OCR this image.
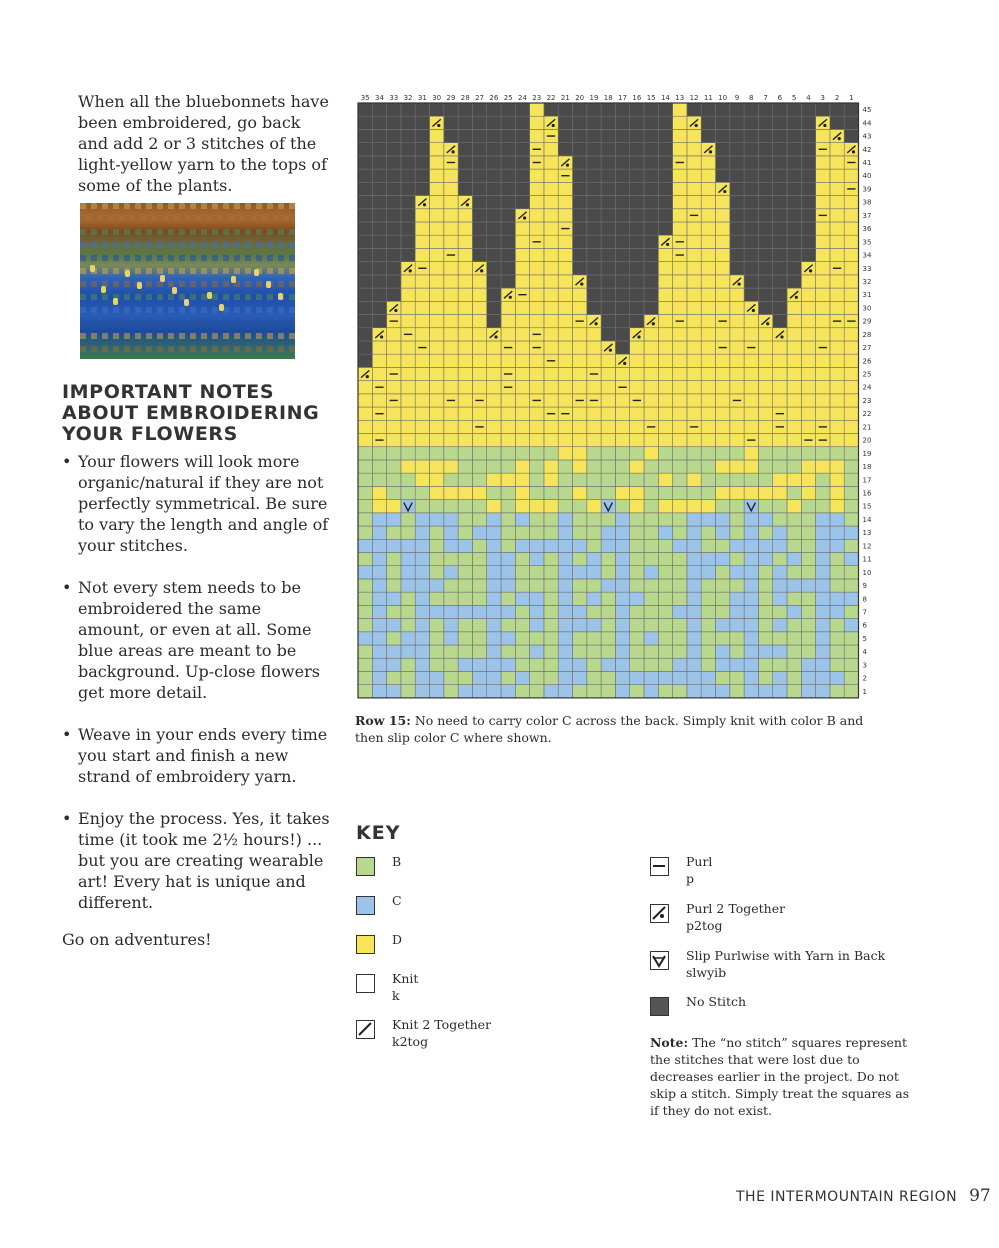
When all the bluebonnets have been embroidered, go back and add 2 or 3 stitches of the light-yellow yarn to the tops of some of the plants.

IMPORTANT NOTES ABOUT EMBROIDERING YOUR FLOWERS
• Your flowers will look more organic/natural if they are not perfectly symmetrical. Be sure to vary the length and angle of your stitches.
• Not every stem needs to be embroidered the same amount, or even at all. Some blue areas are meant to be background. Up-close flowers get more detail.
• Weave in your ends every time you start and finish a new strand of embroidery yarn.
• Enjoy the process. Yes, it takes time (it took me 2½ hours!) ... but you are creating wearable art! Every hat is unique and different.

Go on adventures!

35 34 33 32 31 30 29 28 27 26 25 24 23 22 21 20 19 18 17 16 15 14 13 12 11 10 9 8 7 6 5 4 3 2 1
45
44
43
42
41
40
39
38
37
36
35
34
33
32
31
30
29
28
27
26
25
24
23
22
21
20
19
18
17
16
15
14
13
12
11
10
9
8
7
6
5
4
3
2
1

Row 15: No need to carry color C across the back. Simply knit with color B and then slip color C where shown.

KEY
B
C
D
Knit
k
Knit 2 Together
k2tog
Purl
p
Purl 2 Together
p2tog
Slip Purlwise with Yarn in Back
slwyib
No Stitch

Note: The “no stitch” squares represent the stitches that were lost due to decreases earlier in the project. Do not skip a stitch. Simply treat the squares as if they do not exist.

THE INTERMOUNTAIN REGION 97
